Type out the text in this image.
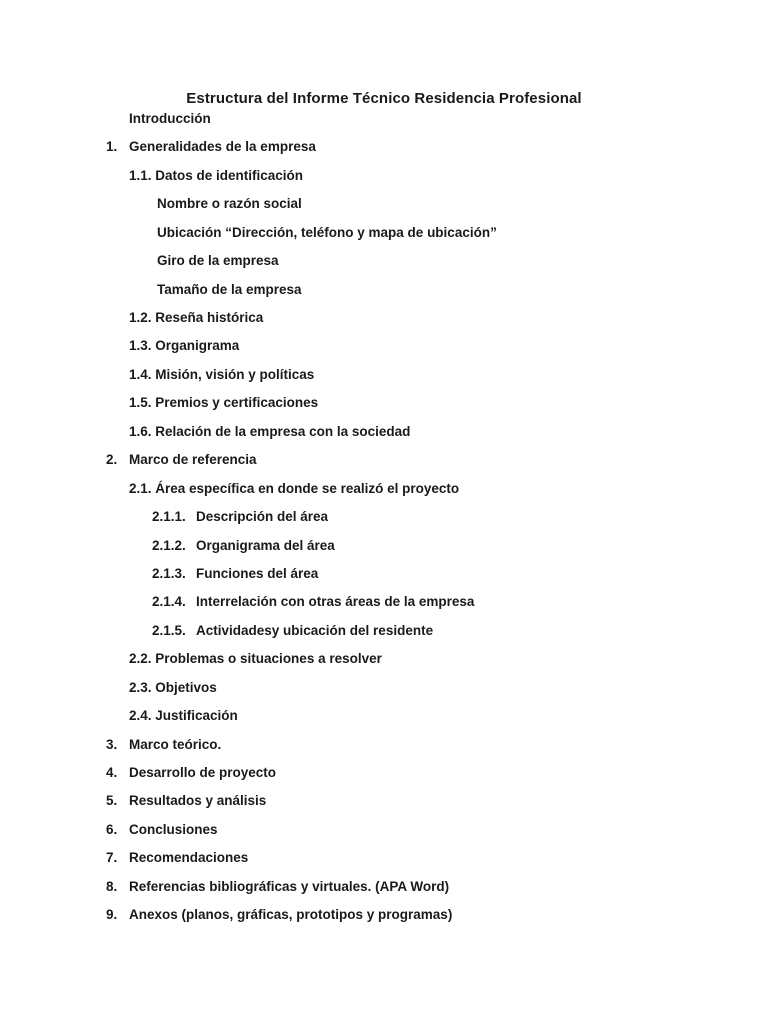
Estructura del Informe Técnico Residencia Profesional
Introducción
1. Generalidades de la empresa
1.1. Datos de identificación
Nombre o razón social
Ubicación “Dirección, teléfono y mapa de ubicación”
Giro de la empresa
Tamaño de la empresa
1.2. Reseña histórica
1.3. Organigrama
1.4. Misión, visión y políticas
1.5. Premios y certificaciones
1.6. Relación de la empresa con la sociedad
2. Marco de referencia
2.1. Área específica en donde se realizó el proyecto
2.1.1. Descripción del área
2.1.2. Organigrama del área
2.1.3. Funciones del área
2.1.4. Interrelación con otras áreas de la empresa
2.1.5. Actividadesy ubicación del residente
2.2. Problemas o situaciones a resolver
2.3. Objetivos
2.4. Justificación
3. Marco teórico.
4. Desarrollo de proyecto
5. Resultados y análisis
6. Conclusiones
7. Recomendaciones
8. Referencias bibliográficas y virtuales. (APA Word)
9. Anexos (planos, gráficas, prototipos y programas)
